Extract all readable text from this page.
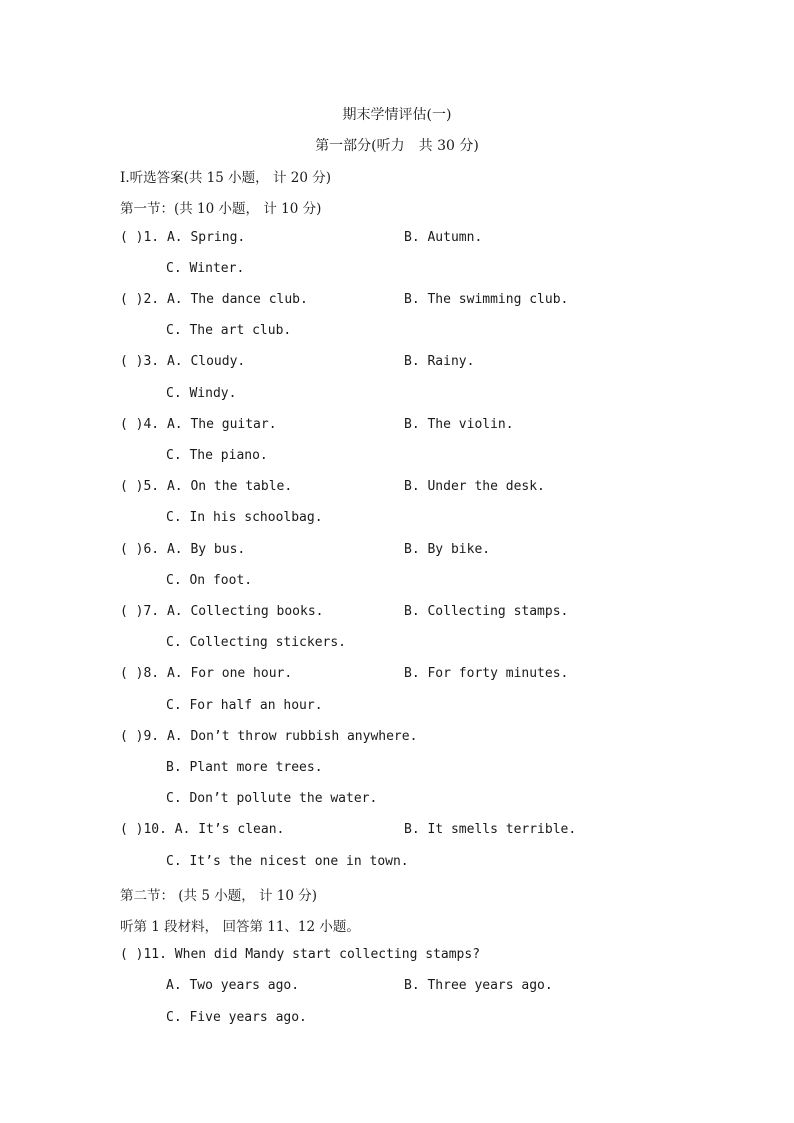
期末学情评估(一)
第一部分(听力　共 30 分)
Ⅰ.听选答案(共 15 小题， 计 20 分)
第一节：(共 10 小题， 计 10 分)
( )1. A. Spring.	B. Autumn.
C. Winter.
( )2. A. The dance club.	B. The swimming club.
C. The art club.
( )3. A. Cloudy.	B. Rainy.
C. Windy.
( )4. A. The guitar.	B. The violin.
C. The piano.
( )5. A. On the table.	B. Under the desk.
C. In his schoolbag.
( )6. A. By bus.	B. By bike.
C. On foot.
( )7. A. Collecting books.	B. Collecting stamps.
C. Collecting stickers.
( )8. A. For one hour.	B. For forty minutes.
C. For half an hour.
( )9. A. Don’t throw rubbish anywhere.
B. Plant more trees.
C. Don’t pollute the water.
( )10. A. It’s clean.	B. It smells terrible.
C. It’s the nicest one in town.
第二节： (共 5 小题， 计 10 分)
听第 1 段材料， 回答第 11、12 小题。
( )11. When did Mandy start collecting stamps?
A. Two years ago.	B. Three years ago.
C. Five years ago.
